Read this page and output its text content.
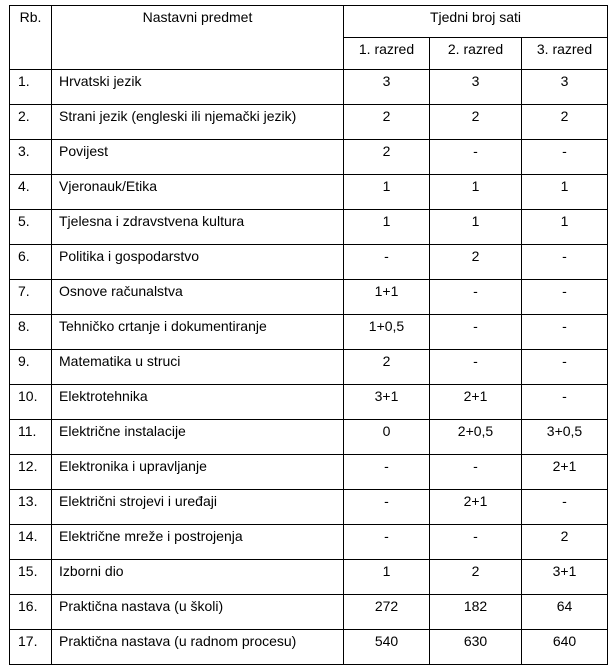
Rb.	Nastavni predmet	Tjedni broj sati		
		1. razred	2. razred	3. razred
1.	Hrvatski jezik	3	3	3
2.	Strani jezik (engleski ili njemački jezik)	2	2	2
3.	Povijest	2	-	-
4.	Vjeronauk/Etika	1	1	1
5.	Tjelesna i zdravstvena kultura	1	1	1
6.	Politika i gospodarstvo	-	2	-
7.	Osnove računalstva	1+1	-	-
8.	Tehničko crtanje i dokumentiranje	1+0,5	-	-
9.	Matematika u struci	2	-	-
10.	Elektrotehnika	3+1	2+1	-
11.	Električne instalacije	0	2+0,5	3+0,5
12.	Elektronika i upravljanje	-	-	2+1
13.	Električni strojevi i uređaji	-	2+1	-
14.	Električne mreže i postrojenja	-	-	2
15.	Izborni dio	1	2	3+1
16.	Praktična nastava (u školi)	272	182	64
17.	Praktična nastava (u radnom procesu)	540	630	640
